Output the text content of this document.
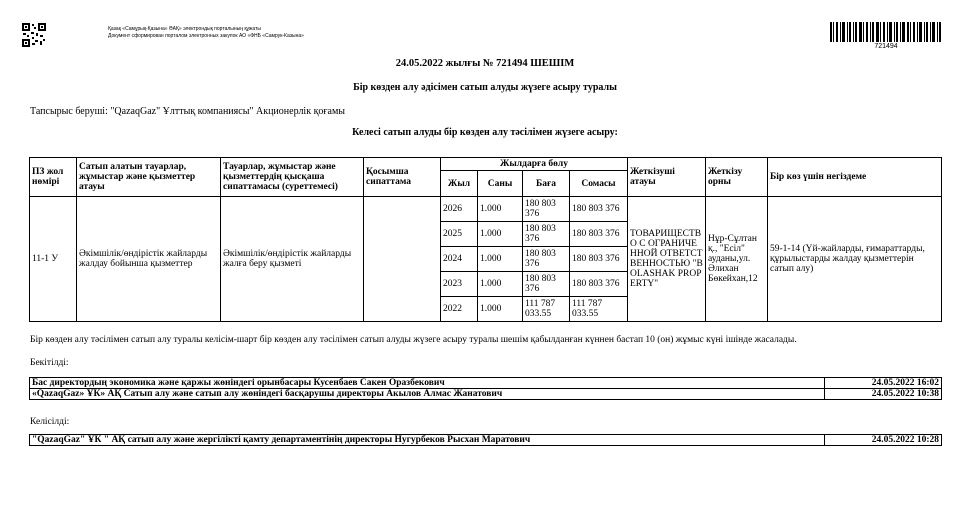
Қазақ «Самұрық-Қазына» ӘАҚ» электрондық порталының құжаты
Документ сформирован порталом электронных закупок АО «ФНБ «Самрук-Казына»
721494
24.05.2022 жылғы № 721494 ШЕШІМ
Бір көзден алу әдісімен сатып алуды жүзеге асыру туралы
Тапсырыс беруші: "QazaqGaz" Ұлттық компаниясы" Акционерлік қоғамы
Келесі сатып алуды бір көзден алу тәсілімен жүзеге асыру:
ПЗ жол нөмірі	Сатып алатын тауарлар, жұмыстар және қызметтер атауы	Тауарлар, жұмыстар және қызметтердің қысқаша сипаттамасы (суреттемесі)	Қосымша сипаттама	Жылдарға бөлу				Жеткізуші атауы	Жеткізу орны	Бір көз үшін негіздеме
				Жыл	Саны	Бағa	Сомасы			
11-1 У	Әкімшілік/өндірістік жайларды жалдау бойынша қызметтер	Әкімшілік/өндірістік жайларды жалға беру қызметі		2026	1.000	180 803 376	180 803 376	ТОВАРИЩЕСТВО С ОГРАНИЧЕННОЙ ОТВЕТСТВЕННОСТЬЮ "BOLASHAK PROPERTY"	Нұр-Сұлтан қ., "Есіл" ауданы,ул. Әлихан Бөкейхан,12	59-1-14 (Үй-жайларды, ғимараттарды, құрылыстарды жалдау қызметтерін сатып алу)
				2025	1.000	180 803 376	180 803 376			
				2024	1.000	180 803 376	180 803 376			
				2023	1.000	180 803 376	180 803 376			
				2022	1.000	111 787 033.55	111 787 033.55			
Бір көзден алу тәсілімен сатып алу туралы келісім-шарт бір көзден алу тәсілімен сатып алуды жүзеге асыру туралы шешім қабылданған күннен бастап 10 (он) жұмыс күні ішінде жасалады.
Бекітілді:
Бас директордың экономика және қаржы жөніндегі орынбасары Кусенбаев Сакен Оразбекович	24.05.2022 16:02
«QazaqGaz» ҰК» АҚ Сатып алу және сатып алу жөніндегі басқарушы директоры Акылов Алмас Жанатович	24.05.2022 10:38
Келісілді:
"QazaqGaz" ҰК " АҚ сатып алу және жергілікті қамту департаментінің директоры Нугурбеков Рысхан Маратович	24.05.2022 10:28
